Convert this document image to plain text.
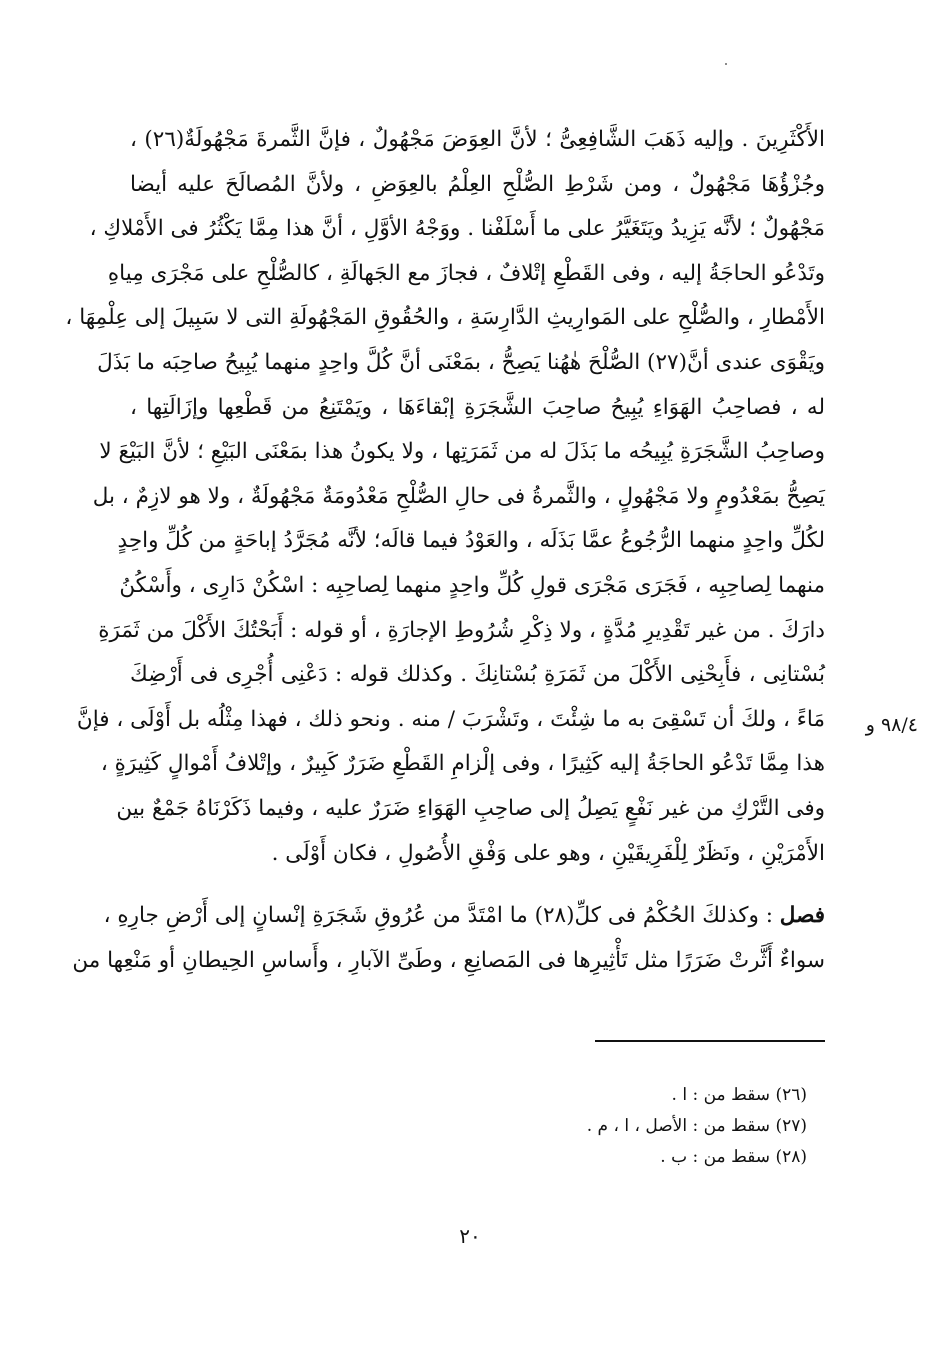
الأَكْثَرِينَ . وإليه ذَهَبَ الشَّافِعِىُّ ؛ لأنَّ العِوَضَ مَجْهُولٌ ، فإنَّ الثَّمرةَ مَجْهُولَةٌ(٢٦) ،
وجُزْؤُهَا مَجْهُولٌ ، ومن شَرْطِ الصُّلْحِ العِلْمُ بالعِوَضِ ، ولأنَّ المُصالَحَ عليه أيضا
مَجْهُولٌ ؛ لأنَّه يَزِيدُ ويَتَغَيَّرُ على ما أَسْلَفْنا . ووَجْهُ الأوَّلِ ، أنَّ هذا مِمَّا يَكْثُرُ فى الأَمْلاكِ ،
وتَدْعُو الحاجَةُ إليه ، وفى القَطْعِ إتْلافٌ ، فجازَ مع الجَهالَةِ ، كالصُّلْحِ على مَجْرَى مِياهِ
الأَمْطارِ ، والصُّلْحِ على المَوارِيثِ الدَّارِسَةِ ، والحُقُوقِ المَجْهُولَةِ التى لا سَبِيلَ إلى عِلْمِهَا ،
ويَقْوَى عندى أنَّ(٢٧) الصُّلْحَ هٰهُنا يَصِحُّ ، بمَعْنَى أنَّ كُلَّ واحِدٍ منهما يُبِيحُ صاحِبَه ما بَذَلَ
له ، فصاحِبُ الهَوَاءِ يُبِيحُ صاحِبَ الشَّجَرَةِ إبْقاءَهَا ، ويَمْتَنِعُ من قَطْعِها وإزَالَتِها ،
وصاحِبُ الشَّجَرَةِ يُبِيحُه ما بَذَلَ له من ثَمَرَتِها ، ولا يكونُ هذا بمَعْنَى البَيْعِ ؛ لأنَّ البَيْعَ لا
يَصِحُّ بمَعْدُومٍ ولا مَجْهُولٍ ، والثَّمرةُ فى حالِ الصُّلْحِ مَعْدُومَةٌ مَجْهُولَةٌ ، ولا هو لازِمٌ ، بل
لكُلِّ واحِدٍ منهما الرُّجُوعُ عمَّا بَذَلَه ، والعَوْدُ فيما قالَه؛ لأنَّه مُجَرَّدُ إباحَةٍ من كُلِّ واحِدٍ
منهما لِصاحِبِه ، فَجَرَى مَجْرَى قولِ كُلِّ واحِدٍ منهما لِصاحِبِه : اسْكُنْ دَارِى ، وأَسْكُنُ
دارَكَ . من غير تَقْدِيرِ مُدَّةٍ ، ولا ذِكْرِ شُرُوطِ الإجارَةِ ، أو قوله : أَبَحْتُكَ الأَكْلَ من ثَمَرَةِ
بُسْتانِى ، فأَبِحْنِى الأَكْلَ من ثَمَرَةِ بُسْتانِكَ . وكذلك قوله : دَعْنِى أُجْرِى فى أَرْضِكَ
مَاءً ، ولكَ أن تَسْقِىَ به ما شِئْتَ ، وتَشْرَبَ / منه . ونحو ذلك ، فهذا مِثْلُه بل أَوْلَى ، فإنَّ
هذا مِمَّا تَدْعُو الحاجَةُ إليه كَثِيرًا ، وفى إلْزامِ القَطْعِ ضَرَرٌ كَبِيرٌ ، وإتْلافُ أَمْوالٍ كَثِيرَةٍ ،
وفى التَّرْكِ من غير نَفْعٍ يَصِلُ إلى صاحِبِ الهَوَاءِ ضَرَرٌ عليه ، وفيما ذَكَرْنَاهُ جَمْعٌ بين
الأَمْرَيْنِ ، ونَظَرٌ لِلْفَرِيقَيْنِ ، وهو على وَفْقِ الأُصُولِ ، فكان أَوْلَى .
فصل : وكذلكَ الحُكْمُ فى كلِّ(٢٨) ما امْتَدَّ من عُرُوقِ شَجَرَةِ إنْسانٍ إلى أَرْضِ جارِهِ ،
سواءٌ أَثَّرتْ ضَرَرًا مثل تَأْثِيرِها فى المَصانِعِ ، وطَىِّ الآبارِ ، وأَساسِ الحِيطانِ أو مَنْعِها من
٩٨/٤ و
(٢٦) سقط من : ا .
(٢٧) سقط من : الأصل ، ا ، م .
(٢٨) سقط من : ب .
٢٠
